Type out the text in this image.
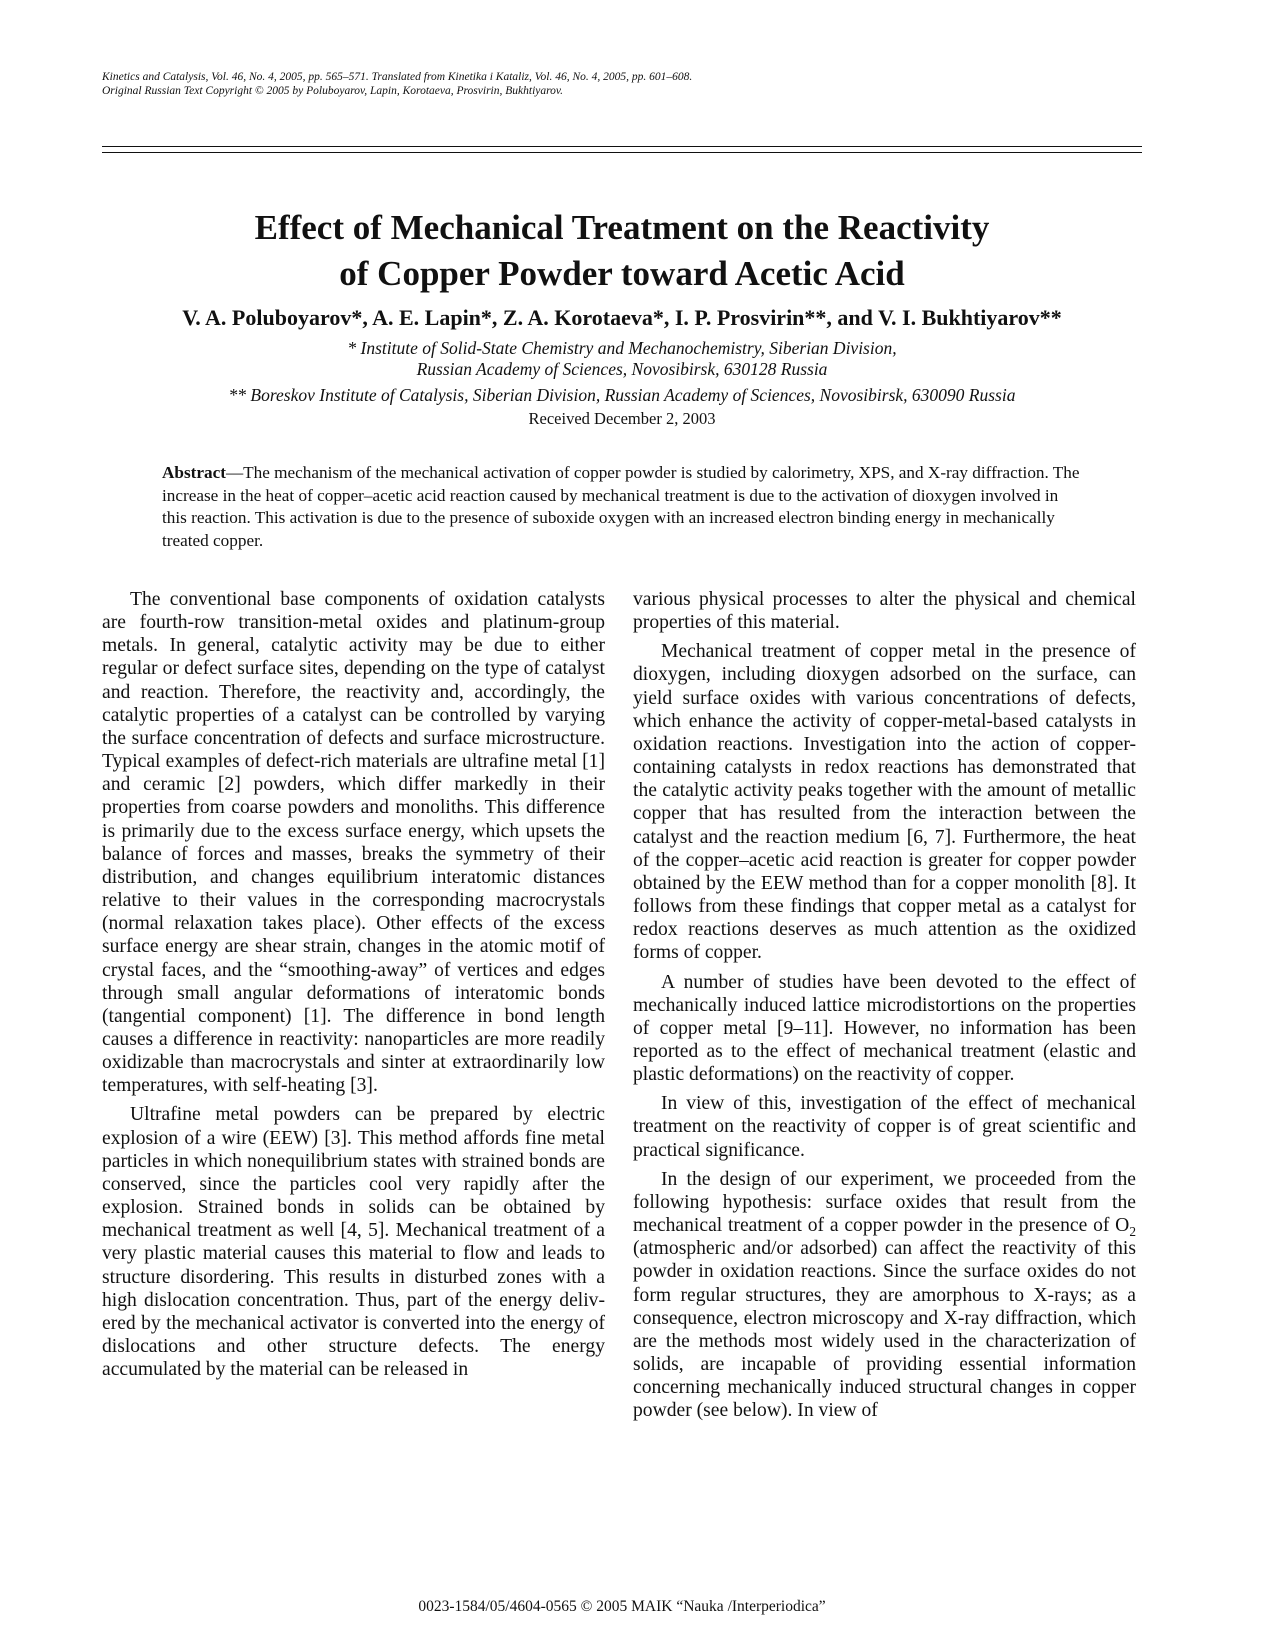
Kinetics and Catalysis, Vol. 46, No. 4, 2005, pp. 565–571. Translated from Kinetika i Kataliz, Vol. 46, No. 4, 2005, pp. 601–608.
Original Russian Text Copyright © 2005 by Poluboyarov, Lapin, Korotaeva, Prosvirin, Bukhtiyarov.
Effect of Mechanical Treatment on the Reactivity
of Copper Powder toward Acetic Acid
V. A. Poluboyarov*, A. E. Lapin*, Z. A. Korotaeva*, I. P. Prosvirin**, and V. I. Bukhtiyarov**
* Institute of Solid-State Chemistry and Mechanochemistry, Siberian Division,
Russian Academy of Sciences, Novosibirsk, 630128 Russia
** Boreskov Institute of Catalysis, Siberian Division, Russian Academy of Sciences, Novosibirsk, 630090 Russia
Received December 2, 2003
Abstract—The mechanism of the mechanical activation of copper powder is studied by calorimetry, XPS, and X-ray diffraction. The increase in the heat of copper–acetic acid reaction caused by mechanical treatment is due to the activation of dioxygen involved in this reaction. This activation is due to the presence of suboxide oxygen with an increased electron binding energy in mechanically treated copper.

The conventional base components of oxidation catalysts are fourth-row transition-metal oxides and platinum-group metals. In general, catalytic activity may be due to either regular or defect surface sites, depending on the type of catalyst and reaction. Therefore, the reactivity and, accordingly, the catalytic properties of a catalyst can be controlled by varying the surface concentration of defects and surface microstructure. Typical examples of defect-rich materials are ultrafine metal [1] and ceramic [2] powders, which differ markedly in their properties from coarse powders and monoliths. This difference is primarily due to the excess surface energy, which upsets the balance of forces and masses, breaks the symmetry of their distribution, and changes equilibrium interatomic distances relative to their values in the corresponding macrocrystals (normal relaxation takes place). Other effects of the excess surface energy are shear strain, changes in the atomic motif of crystal faces, and the “smoothing-away” of vertices and edges through small angular deformations of interatomic bonds (tangential component) [1]. The difference in bond length causes a difference in reactivity: nanoparticles are more readily oxidizable than macrocrystals and sinter at extraordinarily low temperatures, with self-heating [3].

Ultrafine metal powders can be prepared by electric explosion of a wire (EEW) [3]. This method affords fine metal particles in which nonequilibrium states with strained bonds are conserved, since the particles cool very rapidly after the explosion. Strained bonds in solids can be obtained by mechanical treatment as well [4, 5]. Mechanical treatment of a very plastic material causes this material to flow and leads to structure disordering. This results in disturbed zones with a high dislocation concentration. Thus, part of the energy delivered by the mechanical activator is converted into the energy of dislocations and other structure defects. The energy accumulated by the material can be released in

various physical processes to alter the physical and chemical properties of this material.

Mechanical treatment of copper metal in the presence of dioxygen, including dioxygen adsorbed on the surface, can yield surface oxides with various concentrations of defects, which enhance the activity of copper-metal-based catalysts in oxidation reactions. Investigation into the action of copper-containing catalysts in redox reactions has demonstrated that the catalytic activity peaks together with the amount of metallic copper that has resulted from the interaction between the catalyst and the reaction medium [6, 7]. Furthermore, the heat of the copper–acetic acid reaction is greater for copper powder obtained by the EEW method than for a copper monolith [8]. It follows from these findings that copper metal as a catalyst for redox reactions deserves as much attention as the oxidized forms of copper.

A number of studies have been devoted to the effect of mechanically induced lattice microdistortions on the properties of copper metal [9–11]. However, no information has been reported as to the effect of mechanical treatment (elastic and plastic deformations) on the reactivity of copper.

In view of this, investigation of the effect of mechanical treatment on the reactivity of copper is of great scientific and practical significance.

In the design of our experiment, we proceeded from the following hypothesis: surface oxides that result from the mechanical treatment of a copper powder in the presence of $O_2$ (atmospheric and/or adsorbed) can affect the reactivity of this powder in oxidation reactions. Since the surface oxides do not form regular structures, they are amorphous to X-rays; as a consequence, electron microscopy and X-ray diffraction, which are the methods most widely used in the characterization of solids, are incapable of providing essential information concerning mechanically induced structural changes in copper powder (see below). In view of

0023-1584/05/4604-0565 © 2005 MAIK “Nauka /Interperiodica”
